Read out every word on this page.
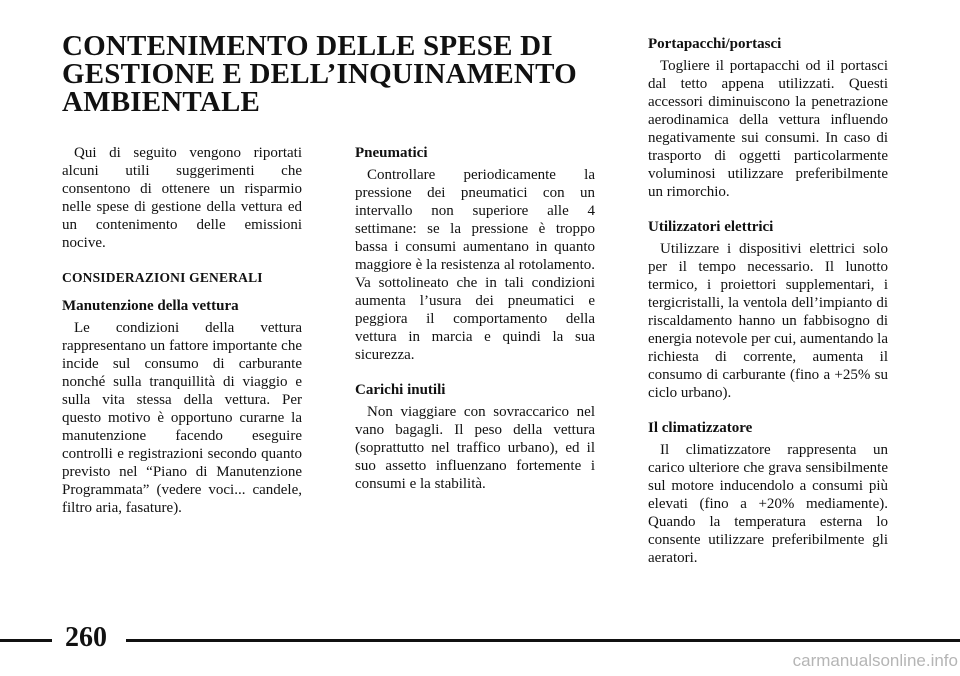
CONTENIMENTO DELLE SPESE DI
GESTIONE E DELL’INQUINAMENTO
AMBIENTALE

Qui di seguito vengono riportati alcuni utili suggerimenti che consentono di ottenere un risparmio nelle spese di gestione della vettura ed un contenimento delle emissioni nocive.

CONSIDERAZIONI GENERALI
Manutenzione della vettura

Le condizioni della vettura rappresentano un fattore importante che incide sul consumo di carburante nonché sulla tranquillità di viaggio e sulla vita stessa della vettura. Per questo motivo è opportuno curarne la manutenzione facendo eseguire controlli e registrazioni secondo quanto previsto nel “Piano di Manutenzione Programmata” (vedere voci... candele, filtro aria, fasature).

Pneumatici

Controllare periodicamente la pressione dei pneumatici con un intervallo non superiore alle 4 settimane: se la pressione è troppo bassa i consumi aumentano in quanto maggiore è la resistenza al rotolamento. Va sottolineato che in tali condizioni aumenta l’usura dei pneumatici e peggiora il comportamento della vettura in marcia e quindi la sua sicurezza.

Carichi inutili

Non viaggiare con sovraccarico nel vano bagagli. Il peso della vettura (soprattutto nel traffico urbano), ed il suo assetto influenzano fortemente i consumi e la stabilità.

Portapacchi/portasci

Togliere il portapacchi od il portasci dal tetto appena utilizzati. Questi accessori diminuiscono la penetrazione aerodinamica della vettura influendo negativamente sui consumi. In caso di trasporto di oggetti particolarmente voluminosi utilizzare preferibilmente un rimorchio.

Utilizzatori elettrici

Utilizzare i dispositivi elettrici solo per il tempo necessario. Il lunotto termico, i proiettori supplementari, i tergicristalli, la ventola dell’impianto di riscaldamento hanno un fabbisogno di energia notevole per cui, aumentando la richiesta di corrente, aumenta il consumo di carburante (fino a +25% su ciclo urbano).

Il climatizzatore

Il climatizzatore rappresenta un carico ulteriore che grava sensibilmente sul motore inducendolo a consumi più elevati (fino a +20% mediamente). Quando la temperatura esterna lo consente utilizzare preferibilmente gli aeratori.

260
carmanualsonline.info
